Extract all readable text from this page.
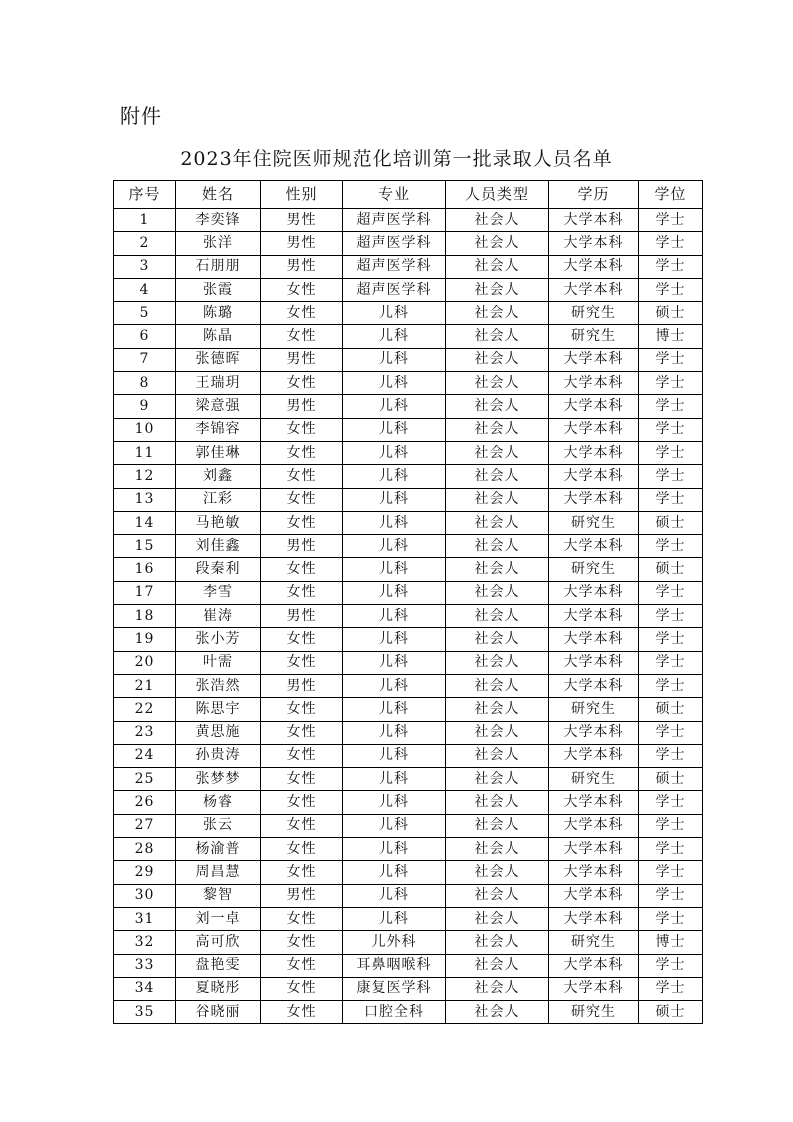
附件
2023年住院医师规范化培训第一批录取人员名单
序号	姓名	性别	专业	人员类型	学历	学位
1	李奕锋	男性	超声医学科	社会人	大学本科	学士
2	张洋	男性	超声医学科	社会人	大学本科	学士
3	石朋朋	男性	超声医学科	社会人	大学本科	学士
4	张霞	女性	超声医学科	社会人	大学本科	学士
5	陈璐	女性	儿科	社会人	研究生	硕士
6	陈晶	女性	儿科	社会人	研究生	博士
7	张德晖	男性	儿科	社会人	大学本科	学士
8	王瑞玥	女性	儿科	社会人	大学本科	学士
9	梁意强	男性	儿科	社会人	大学本科	学士
10	李锦容	女性	儿科	社会人	大学本科	学士
11	郭佳琳	女性	儿科	社会人	大学本科	学士
12	刘鑫	女性	儿科	社会人	大学本科	学士
13	江彩	女性	儿科	社会人	大学本科	学士
14	马艳敏	女性	儿科	社会人	研究生	硕士
15	刘佳鑫	男性	儿科	社会人	大学本科	学士
16	段秦利	女性	儿科	社会人	研究生	硕士
17	李雪	女性	儿科	社会人	大学本科	学士
18	崔涛	男性	儿科	社会人	大学本科	学士
19	张小芳	女性	儿科	社会人	大学本科	学士
20	叶需	女性	儿科	社会人	大学本科	学士
21	张浩然	男性	儿科	社会人	大学本科	学士
22	陈思宇	女性	儿科	社会人	研究生	硕士
23	黄思施	女性	儿科	社会人	大学本科	学士
24	孙贵涛	女性	儿科	社会人	大学本科	学士
25	张梦梦	女性	儿科	社会人	研究生	硕士
26	杨睿	女性	儿科	社会人	大学本科	学士
27	张云	女性	儿科	社会人	大学本科	学士
28	杨渝普	女性	儿科	社会人	大学本科	学士
29	周昌慧	女性	儿科	社会人	大学本科	学士
30	黎智	男性	儿科	社会人	大学本科	学士
31	刘一卓	女性	儿科	社会人	大学本科	学士
32	高可欣	女性	儿外科	社会人	研究生	博士
33	盘艳雯	女性	耳鼻咽喉科	社会人	大学本科	学士
34	夏晓彤	女性	康复医学科	社会人	大学本科	学士
35	谷晓丽	女性	口腔全科	社会人	研究生	硕士
